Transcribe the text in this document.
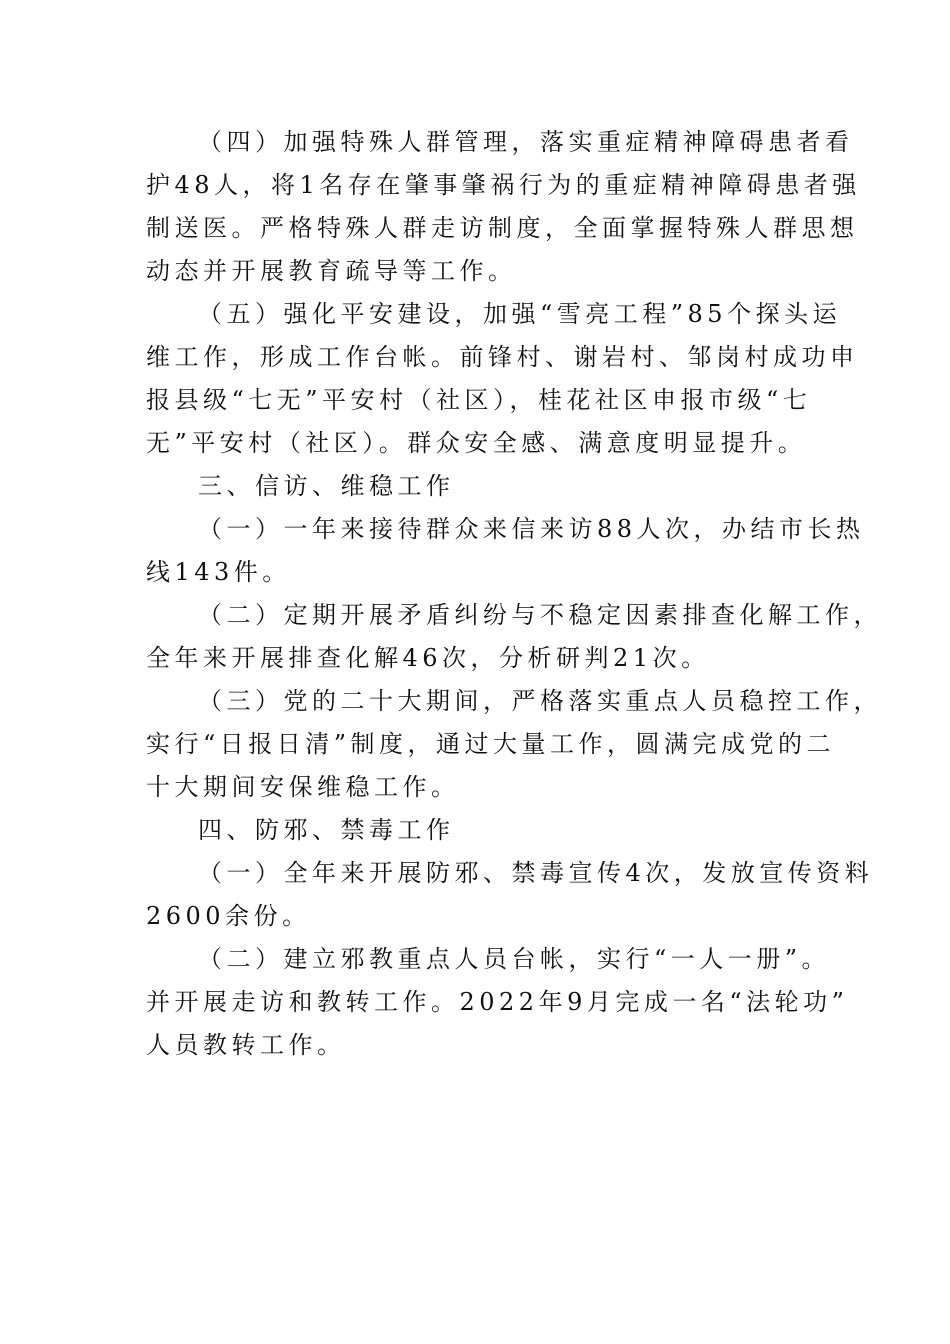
（四）加强特殊人群管理，落实重症精神障碍患者看
护48人，将1名存在肇事肇祸行为的重症精神障碍患者强
制送医。严格特殊人群走访制度，全面掌握特殊人群思想
动态并开展教育疏导等工作。
（五）强化平安建设，加强“雪亮工程”85个探头运
维工作，形成工作台帐。前锋村、谢岩村、邹岗村成功申
报县级“七无”平安村（社区），桂花社区申报市级“七
无”平安村（社区）。群众安全感、满意度明显提升。
三、信访、维稳工作
（一）一年来接待群众来信来访88人次，办结市长热
线143件。
（二）定期开展矛盾纠纷与不稳定因素排查化解工作，
全年来开展排查化解46次，分析研判21次。
（三）党的二十大期间，严格落实重点人员稳控工作，
实行“日报日清”制度，通过大量工作，圆满完成党的二
十大期间安保维稳工作。
四、防邪、禁毒工作
（一）全年来开展防邪、禁毒宣传4次，发放宣传资料
2600余份。
（二）建立邪教重点人员台帐，实行“一人一册”。
并开展走访和教转工作。2022年9月完成一名“法轮功”
人员教转工作。
